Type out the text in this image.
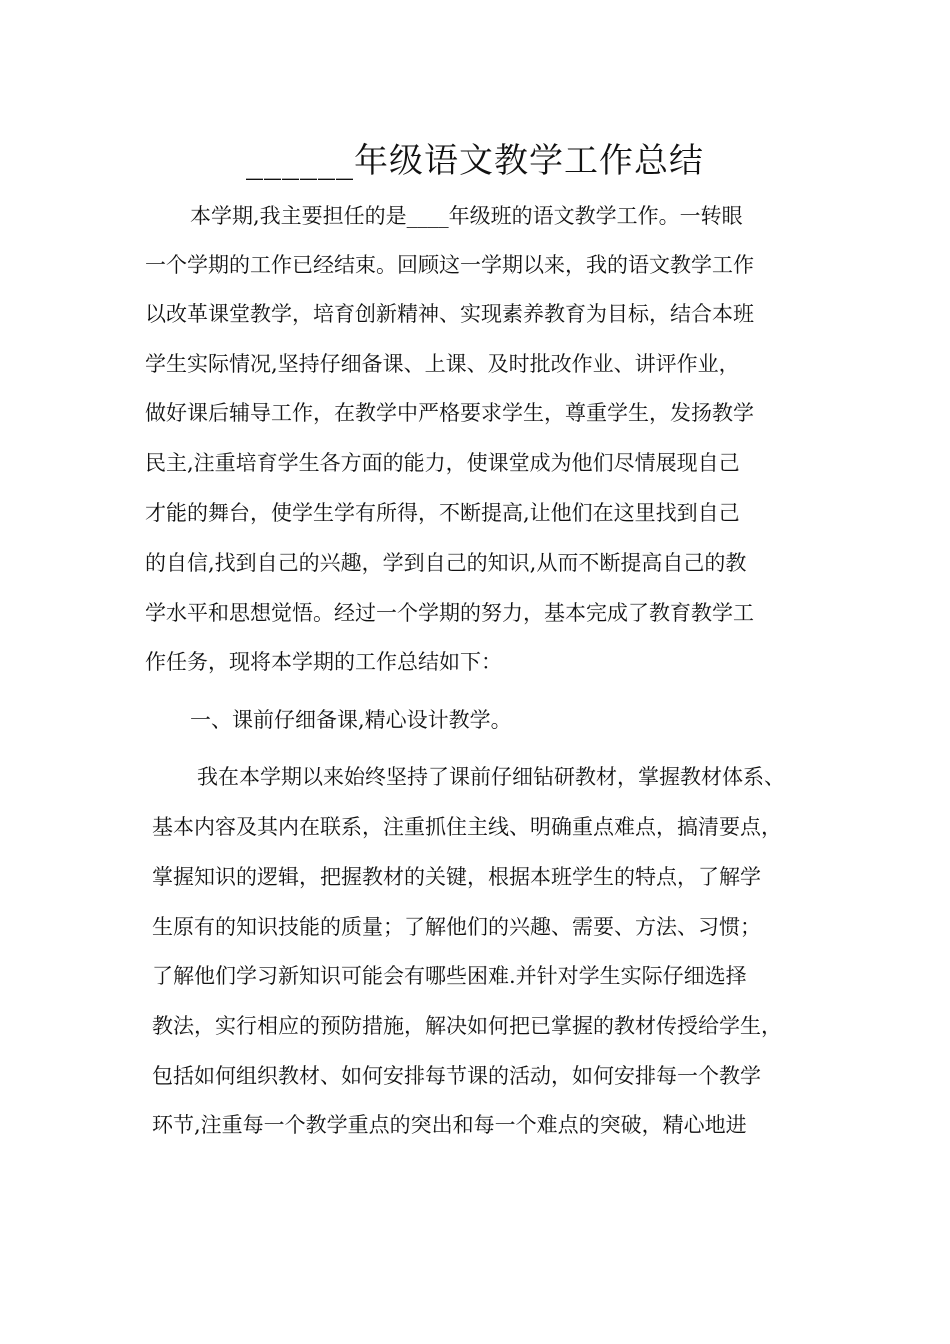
______年级语文教学工作总结
本学期,我主要担任的是____年级班的语文教学工作。一转眼
一个学期的工作已经结束。回顾这一学期以来，我的语文教学工作
以改革课堂教学，培育创新精神、实现素养教育为目标，结合本班
学生实际情况,坚持仔细备课、上课、及时批改作业、讲评作业，
做好课后辅导工作，在教学中严格要求学生，尊重学生，发扬教学
民主,注重培育学生各方面的能力，使课堂成为他们尽情展现自己
才能的舞台，使学生学有所得，不断提高,让他们在这里找到自己
的自信,找到自己的兴趣，学到自己的知识,从而不断提高自己的教
学水平和思想觉悟。经过一个学期的努力，基本完成了教育教学工
作任务，现将本学期的工作总结如下：
一、课前仔细备课,精心设计教学。
我在本学期以来始终坚持了课前仔细钻研教材，掌握教材体系、
基本内容及其内在联系，注重抓住主线、明确重点难点，搞清要点，
掌握知识的逻辑，把握教材的关键，根据本班学生的特点，了解学
生原有的知识技能的质量；了解他们的兴趣、需要、方法、习惯；
了解他们学习新知识可能会有哪些困难.并针对学生实际仔细选择
教法，实行相应的预防措施，解决如何把已掌握的教材传授给学生，
包括如何组织教材、如何安排每节课的活动，如何安排每一个教学
环节,注重每一个教学重点的突出和每一个难点的突破，精心地进
